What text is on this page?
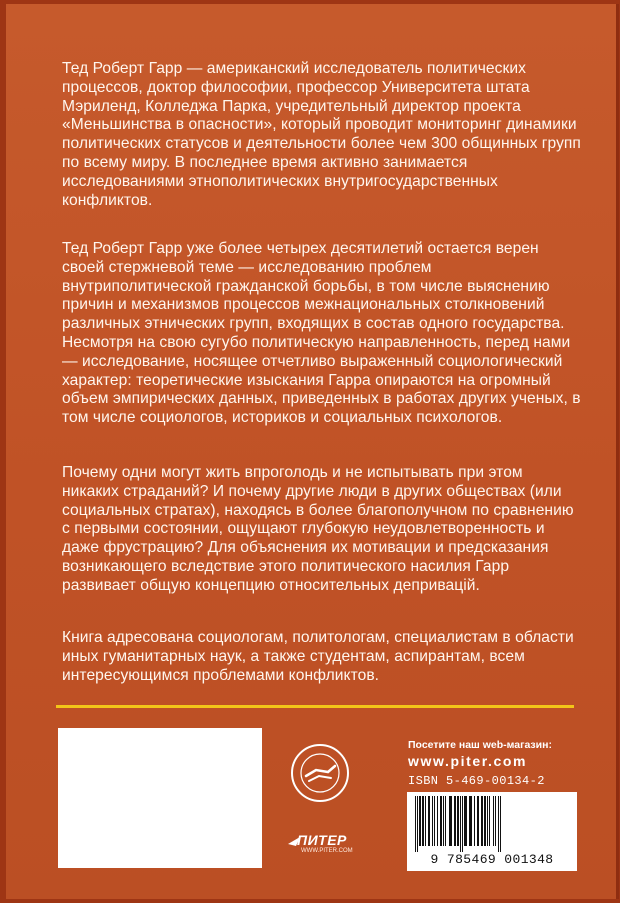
Тед Роберт Гарр — американский исследователь политических процессов, доктор философии, профессор Университета штата Мэриленд, Колледжа Парка, учредительный директор проекта «Меньшинства в опасности», который проводит мониторинг динамики политических статусов и деятельности более чем 300 общинных групп по всему миру. В последнее время активно занимается исследованиями этнополитических внутригосударственных конфликтов.

Тед Роберт Гарр уже более четырех десятилетий остается верен своей стержневой теме — исследованию проблем внутриполитической гражданской борьбы, в том числе выяснению причин и механизмов процессов межнациональных столкновений различных этнических групп, входящих в состав одного государства. Несмотря на свою сугубо политическую направленность, перед нами — исследование, носящее отчетливо выраженный социологический характер: теоретические изыскания Гарра опираются на огромный объем эмпирических данных, приведенных в работах других ученых, в том числе социологов, историков и социальных психологов.

Почему одни могут жить впроголодь и не испытывать при этом никаких страданий? И почему другие люди в других обществах (или социальных стратах), находясь в более благополучном по сравнению с первыми состоянии, ощущают глубокую неудовлетворенность и даже фрустрацию? Для объяснения их мотивации и предсказания возникающего вследствие этого политического насилия Гарр развивает общую концепцию относительных депривацій.

Книга адресована социологам, политологам, специалистам в области иных гуманитарных наук, а также студентам, аспирантам, всем интересующимся проблемами конфликтов.

ПИТЕР
WWW.PITER.COM
Посетите наш web-магазин:
www.piter.com
ISBN 5-469-00134-2
9 785469 001348
